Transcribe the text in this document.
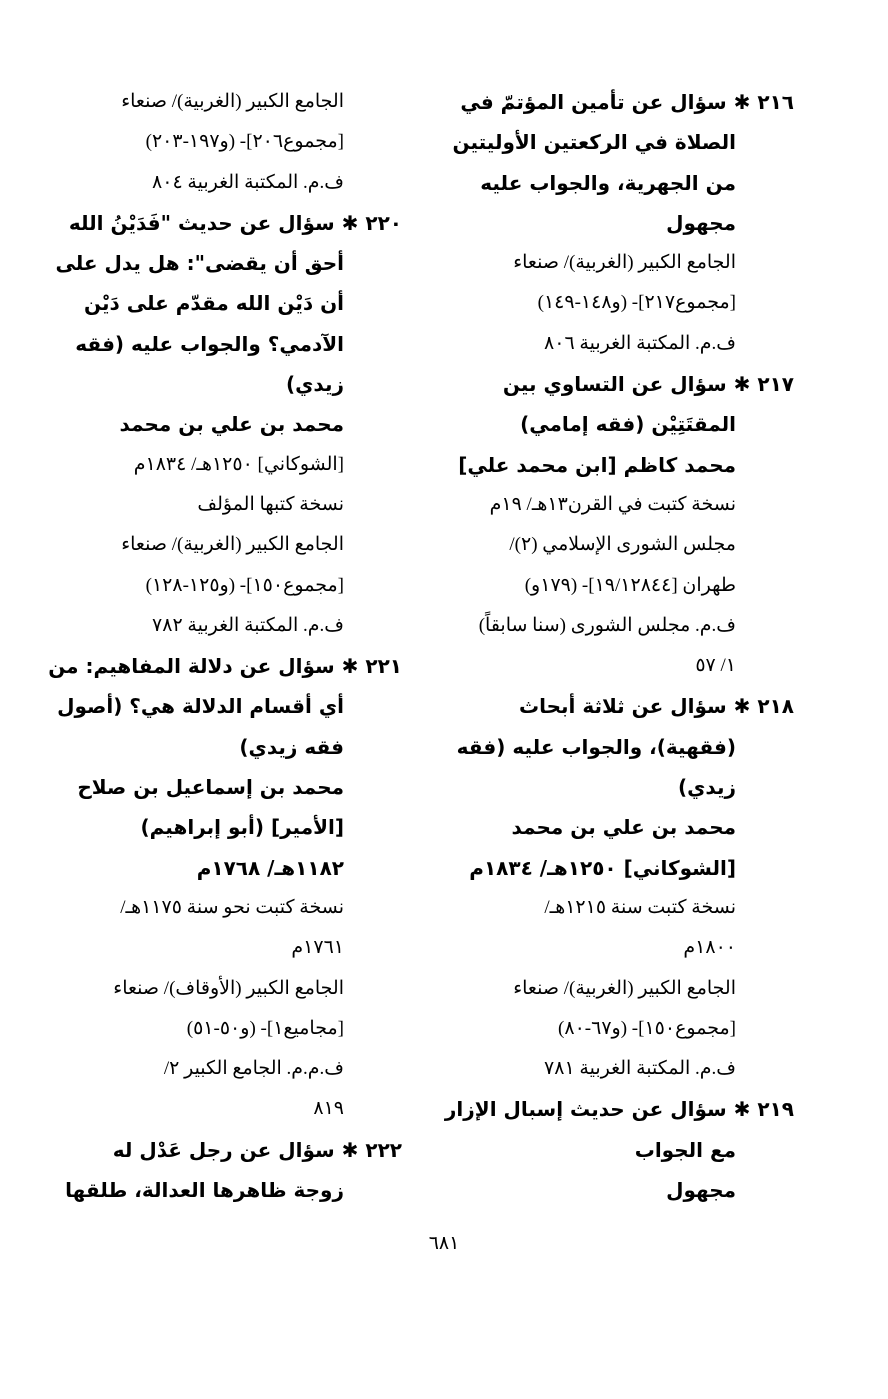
٢١٦ ✱ سؤال عن تأمين المؤتمّ في
الصلاة في الركعتين الأوليتين
من الجهرية، والجواب عليه
مجهول
الجامع الكبير (الغربية)/ صنعاء
[مجموع٢١٧]- (و١٤٨-١٤٩)
ف.م. المكتبة الغربية ٨٠٦
٢١٧ ✱ سؤال عن التساوي بين
المقتَتِيْن (فقه إمامي)
محمد كاظم [ابن محمد علي]
نسخة كتبت في القرن١٣هـ/ ١٩م
مجلس الشورى الإسلامي (٢)/
طهران [١٩/١٢٨٤٤]- (١٧٩و)
ف.م. مجلس الشورى (سنا سابقاً)
١/ ٥٧
٢١٨ ✱ سؤال عن ثلاثة أبحاث
(فقهية)، والجواب عليه (فقه
زيدي)
محمد بن علي بن محمد
[الشوكاني] ١٢٥٠هـ/ ١٨٣٤م
نسخة كتبت سنة ١٢١٥هـ/
١٨٠٠م
الجامع الكبير (الغربية)/ صنعاء
[مجموع١٥٠]- (و٦٧-٨٠)
ف.م. المكتبة الغربية ٧٨١
٢١٩ ✱ سؤال عن حديث إسبال الإزار
مع الجواب
مجهول
الجامع الكبير (الغربية)/ صنعاء
[مجموع٢٠٦]- (و١٩٧-٢٠٣)
ف.م. المكتبة الغربية ٨٠٤
٢٢٠ ✱ سؤال عن حديث "فَدَيْنُ الله
أحق أن يقضى": هل يدل على
أن دَيْن الله مقدّم على دَيْن
الآدمي؟ والجواب عليه (فقه
زيدي)
محمد بن علي بن محمد
[الشوكاني] ١٢٥٠هـ/ ١٨٣٤م
نسخة كتبها المؤلف
الجامع الكبير (الغربية)/ صنعاء
[مجموع١٥٠]- (و١٢٥-١٢٨)
ف.م. المكتبة الغربية ٧٨٢
٢٢١ ✱ سؤال عن دلالة المفاهيم: من
أي أقسام الدلالة هي؟ (أصول
فقه زيدي)
محمد بن إسماعيل بن صلاح
[الأمير] (أبو إبراهيم)
١١٨٢هـ/ ١٧٦٨م
نسخة كتبت نحو سنة ١١٧٥هـ/
١٧٦١م
الجامع الكبير (الأوقاف)/ صنعاء
[مجاميع١]- (و٥٠-٥١)
ف.م.م. الجامع الكبير ٢/
٨١٩
٢٢٢ ✱ سؤال عن رجل عَدْل له
زوجة ظاهرها العدالة، طلقها
٦٨١
